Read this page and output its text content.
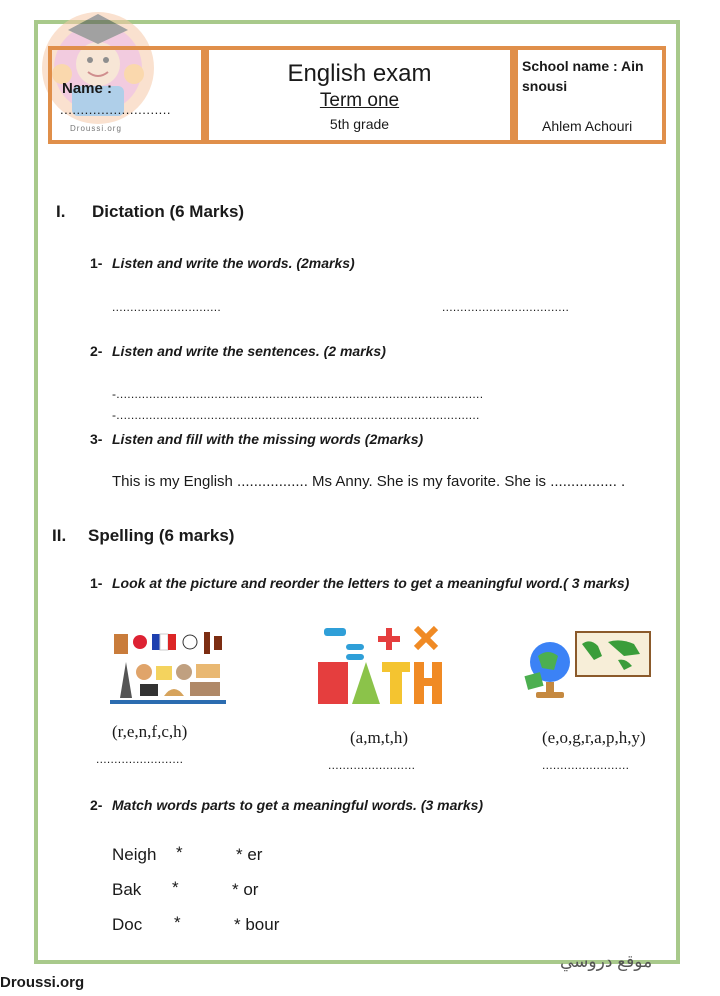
Name :
...........................
English exam
Term one
5th grade
School name : Ain snousi
Ahlem Achouri
Droussi.org
I. Dictation (6 Marks)
1- Listen and write the words. (2marks)
..............................	...................................
2- Listen and write the sentences. (2 marks)
-.....................................................................................................
-....................................................................................................
3- Listen and fill with the missing words (2marks)
This is my English ................. Ms Anny. She is my favorite. She is ................ .
II. Spelling (6 marks)
1- Look at the picture and reorder the letters to get a meaningful word.( 3 marks)
(r,e,n,f,c,h)	(a,m,t,h)	(e,o,g,r,a,p,h,y)
........................	........................	........................
2- Match words parts to get a meaningful words. (3 marks)
Neigh *	* er
Bak *	* or
Doc *	* bour
Droussi.org
موقع دروسي
